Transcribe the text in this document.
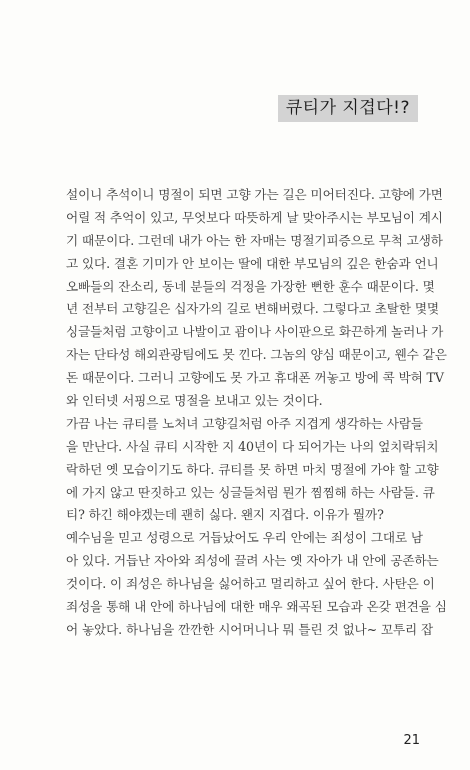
큐티가 지겹다!?
설이니 추석이니 명절이 되면 고향 가는 길은 미어터진다. 고향에 가면
어릴 적 추억이 있고, 무엇보다 따뜻하게 날 맞아주시는 부모님이 계시
기 때문이다. 그런데 내가 아는 한 자매는 명절기피증으로 무척 고생하
고 있다. 결혼 기미가 안 보이는 딸에 대한 부모님의 깊은 한숨과 언니
오빠들의 잔소리, 동네 분들의 걱정을 가장한 뻔한 훈수 때문이다. 몇
년 전부터 고향길은 십자가의 길로 변해버렸다. 그렇다고 초탈한 몇몇
싱글들처럼 고향이고 나발이고 괌이나 사이판으로 화끈하게 놀러나 가
자는 단타성 해외관광팀에도 못 낀다. 그놈의 양심 때문이고, 웬수 같은
돈 때문이다. 그러니 고향에도 못 가고 휴대폰 꺼놓고 방에 콕 박혀 TV
와 인터넷 서핑으로 명절을 보내고 있는 것이다.
가끔 나는 큐티를 노처녀 고향길처럼 아주 지겹게 생각하는 사람들
을 만난다. 사실 큐티 시작한 지 40년이 다 되어가는 나의 엎치락뒤치
락하던 옛 모습이기도 하다. 큐티를 못 하면 마치 명절에 가야 할 고향
에 가지 않고 딴짓하고 있는 싱글들처럼 뭔가 찜찜해 하는 사람들. 큐
티? 하긴 해야겠는데 괜히 싫다. 왠지 지겹다. 이유가 뭘까?
예수님을 믿고 성령으로 거듭났어도 우리 안에는 죄성이 그대로 남
아 있다. 거듭난 자아와 죄성에 끌려 사는 옛 자아가 내 안에 공존하는
것이다. 이 죄성은 하나님을 싫어하고 멀리하고 싶어 한다. 사탄은 이
죄성을 통해 내 안에 하나님에 대한 매우 왜곡된 모습과 온갖 편견을 심
어 놓았다. 하나님을 깐깐한 시어머니나 뭐 틀린 것 없나~ 꼬투리 잡
21
